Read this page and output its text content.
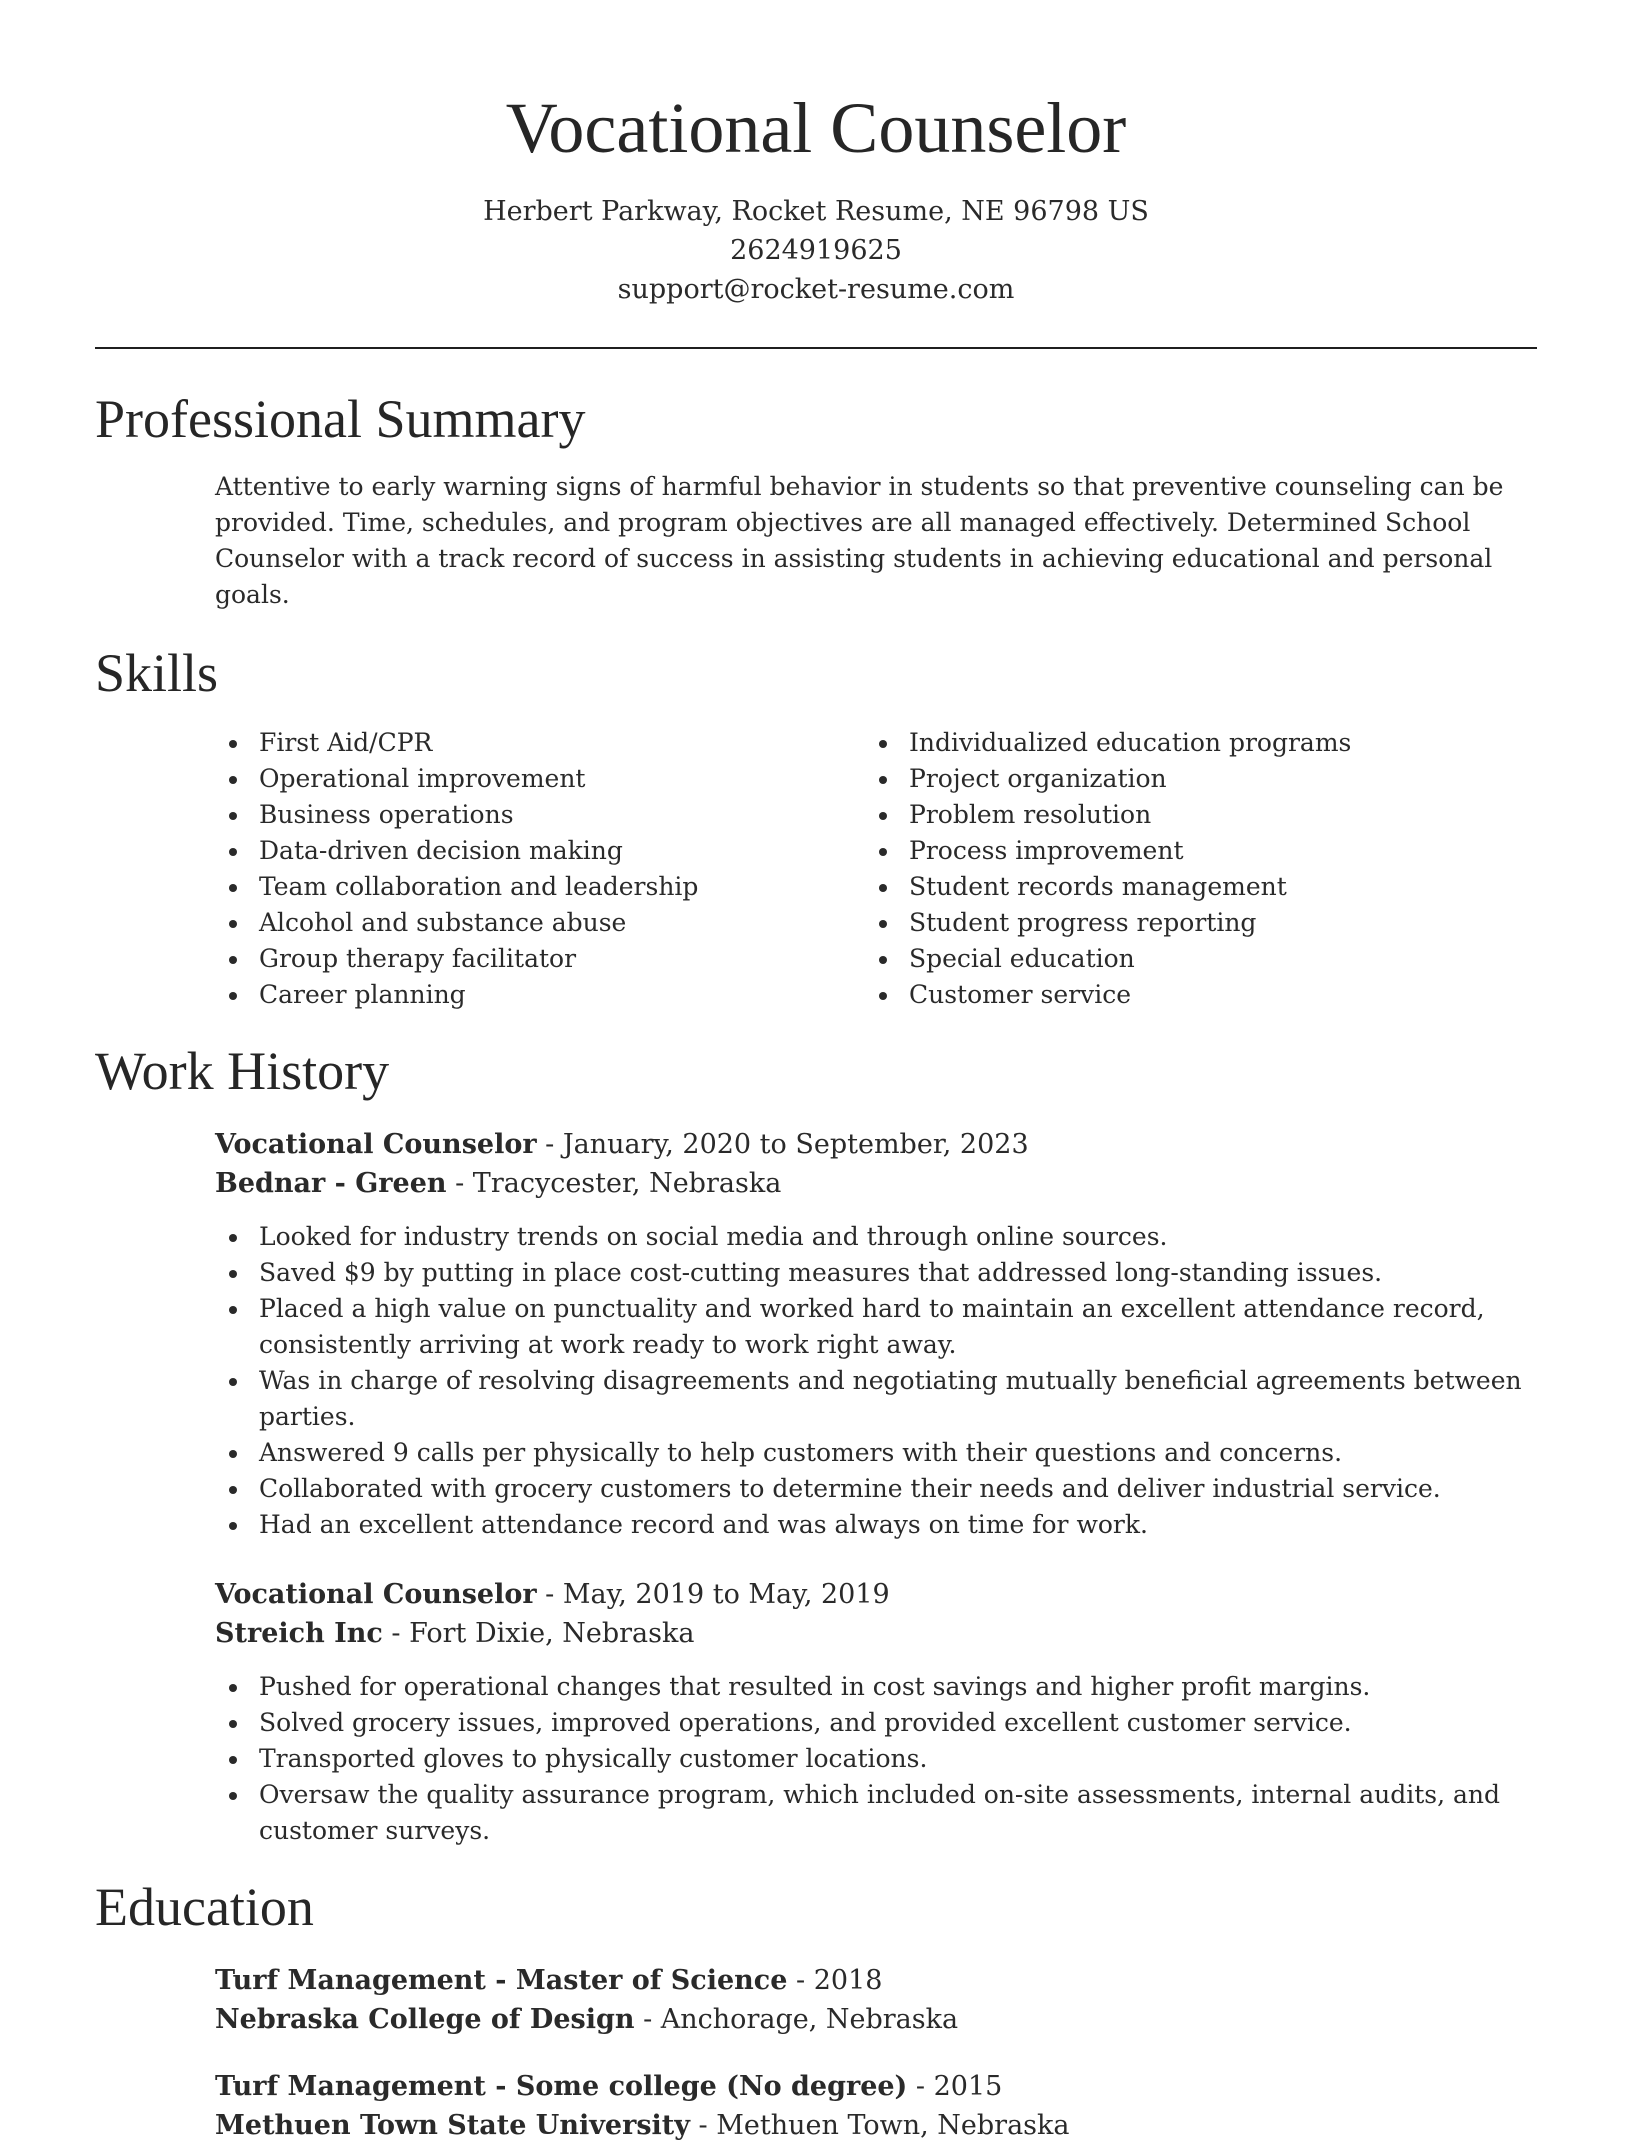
Vocational Counselor
Herbert Parkway, Rocket Resume, NE 96798 US
2624919625
support@rocket-resume.com
Professional Summary

Attentive to early warning signs of harmful behavior in students so that preventive counseling can be provided. Time, schedules, and program objectives are all managed effectively. Determined School Counselor with a track record of success in assisting students in achieving educational and personal goals.

Skills
First Aid/CPR
Operational improvement
Business operations
Data-driven decision making
Team collaboration and leadership
Alcohol and substance abuse
Group therapy facilitator
Career planning
Individualized education programs
Project organization
Problem resolution
Process improvement
Student records management
Student progress reporting
Special education
Customer service
Work History
Vocational Counselor - January, 2020 to September, 2023
Bednar - Green - Tracycester, Nebraska
Looked for industry trends on social media and through online sources.
Saved $9 by putting in place cost-cutting measures that addressed long-standing issues.
Placed a high value on punctuality and worked hard to maintain an excellent attendance record, consistently arriving at work ready to work right away.
Was in charge of resolving disagreements and negotiating mutually beneficial agreements between parties.
Answered 9 calls per physically to help customers with their questions and concerns.
Collaborated with grocery customers to determine their needs and deliver industrial service.
Had an excellent attendance record and was always on time for work.
Vocational Counselor - May, 2019 to May, 2019
Streich Inc - Fort Dixie, Nebraska
Pushed for operational changes that resulted in cost savings and higher profit margins.
Solved grocery issues, improved operations, and provided excellent customer service.
Transported gloves to physically customer locations.
Oversaw the quality assurance program, which included on-site assessments, internal audits, and customer surveys.
Education
Turf Management - Master of Science - 2018
Nebraska College of Design - Anchorage, Nebraska
Turf Management - Some college (No degree) - 2015
Methuen Town State University - Methuen Town, Nebraska
